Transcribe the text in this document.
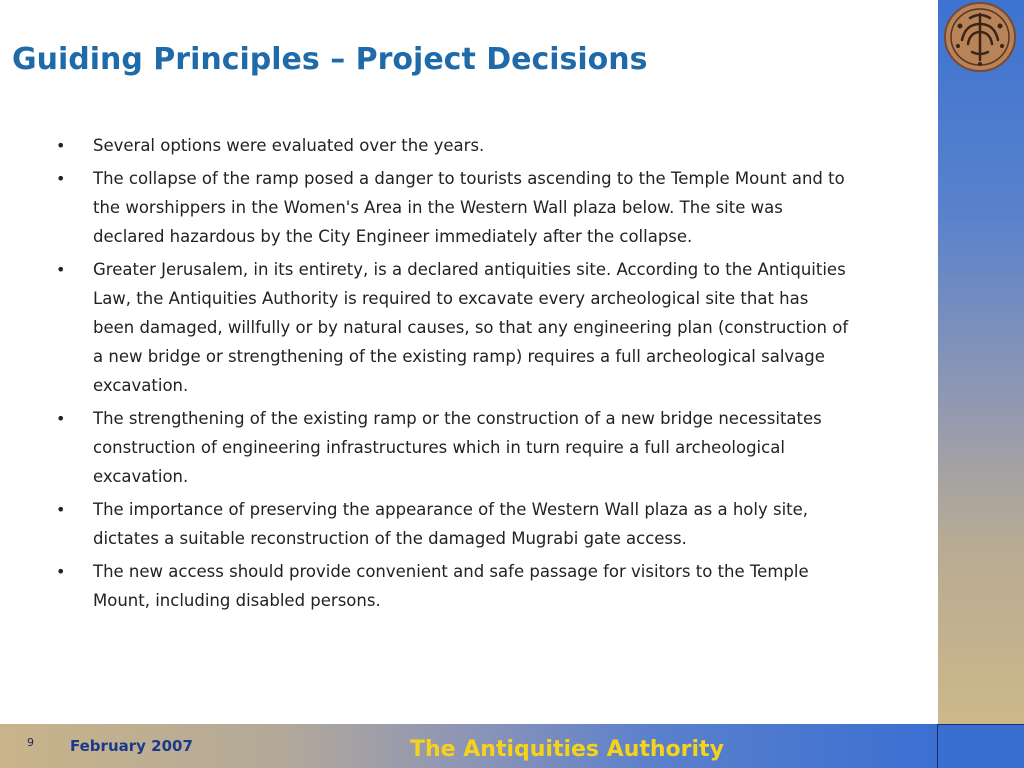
Guiding Principles – Project Decisions
• Several options were evaluated over the years.
• The collapse of the ramp posed a danger to tourists ascending to the Temple Mount and to the worshippers in the Women's Area in the Western Wall plaza below. The site was declared hazardous by the City Engineer immediately after the collapse.
• Greater Jerusalem, in its entirety, is a declared antiquities site. According to the Antiquities Law, the Antiquities Authority is required to excavate every archeological site that has been damaged, willfully or by natural causes, so that any engineering plan (construction of a new bridge or strengthening of the existing ramp) requires a full archeological salvage excavation.
• The strengthening of the existing ramp or the construction of a new bridge necessitates construction of engineering infrastructures which in turn require a full archeological excavation.
• The importance of preserving the appearance of the Western Wall plaza as a holy site, dictates a suitable reconstruction of the damaged Mugrabi gate access.
• The new access should provide convenient and safe passage for visitors to the Temple Mount, including disabled persons.
9 February 2007	The Antiquities Authority
